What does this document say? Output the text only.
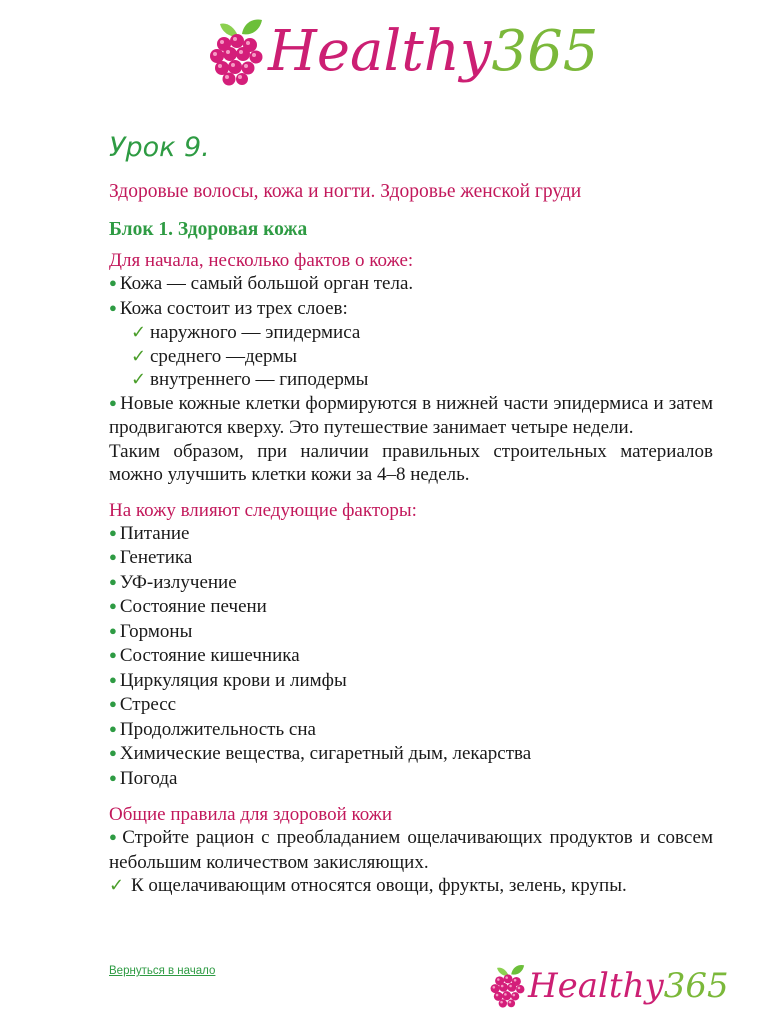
Healthy365
Урок 9.
Здоровые волосы, кожа и ногти. Здоровье женской груди
Блок 1. Здоровая кожа
Для начала, несколько фактов о коже:
● Кожа — самый большой орган тела.
● Кожа состоит из трех слоев:
✓ наружного — эпидермиса
✓ среднего —дермы
✓ внутреннего — гиподермы
● Новые кожные клетки формируются в нижней части эпидермиса и затем продвигаются кверху. Это путешествие занимает четыре недели.

Таким образом, при наличии правильных строительных материалов можно улучшить клетки кожи за 4–8 недель.

На кожу влияют следующие факторы:
● Питание
● Генетика
● УФ-излучение
● Состояние печени
● Гормоны
● Состояние кишечника
● Циркуляция крови и лимфы
● Стресс
● Продолжительность сна
● Химические вещества, сигаретный дым, лекарства
● Погода
Общие правила для здоровой кожи
● Стройте рацион с преобладанием ощелачивающих продуктов и совсем небольшим количеством закисляющих.
✓ К ощелачивающим относятся овощи, фрукты, зелень, крупы.
Вернуться в начало	Healthy365
